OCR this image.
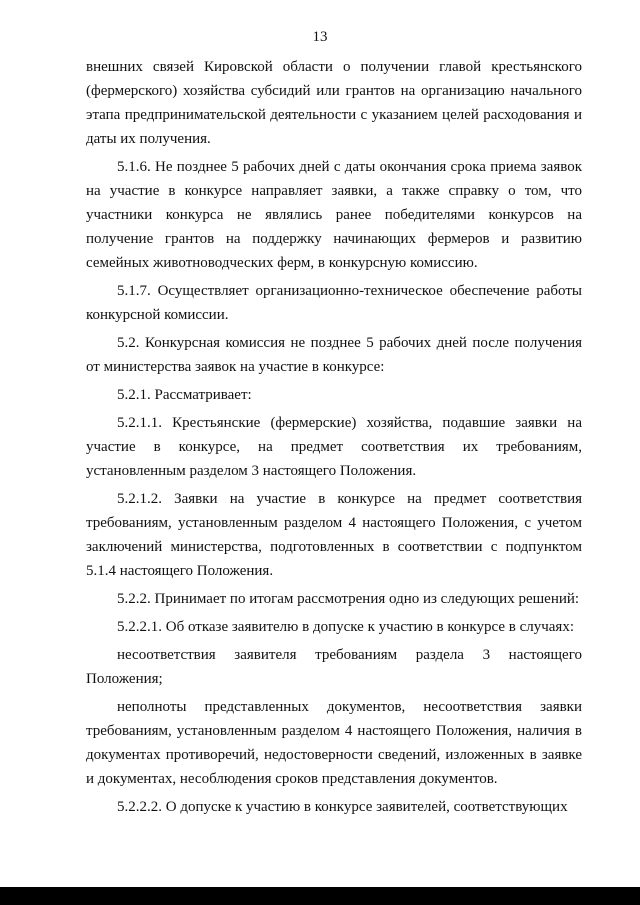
13

внешних связей Кировской области о получении главой крестьянского (фермерского) хозяйства субсидий или грантов на организацию начального этапа предпринимательской деятельности с указанием целей расходования и даты их получения.

5.1.6. Не позднее 5 рабочих дней с даты окончания срока приема заявок на участие в конкурсе направляет заявки, а также справку о том, что участники конкурса не являлись ранее победителями конкурсов на получение грантов на поддержку начинающих фермеров и развитию семейных животноводческих ферм, в конкурсную комиссию.

5.1.7. Осуществляет организационно-техническое обеспечение работы конкурсной комиссии.

5.2. Конкурсная комиссия не позднее 5 рабочих дней после получения от министерства заявок на участие в конкурсе:

5.2.1. Рассматривает:

5.2.1.1. Крестьянские (фермерские) хозяйства, подавшие заявки на участие в конкурсе, на предмет соответствия их требованиям, установленным разделом 3 настоящего Положения.

5.2.1.2. Заявки на участие в конкурсе на предмет соответствия требованиям, установленным разделом 4 настоящего Положения, с учетом заключений министерства, подготовленных в соответствии с подпунктом 5.1.4 настоящего Положения.

5.2.2. Принимает по итогам рассмотрения одно из следующих решений:

5.2.2.1. Об отказе заявителю в допуске к участию в конкурсе в случаях:

несоответствия заявителя требованиям раздела 3 настоящего Положения;

неполноты представленных документов, несоответствия заявки требованиям, установленным разделом 4 настоящего Положения, наличия в документах противоречий, недостоверности сведений, изложенных в заявке и документах, несоблюдения сроков представления документов.

5.2.2.2. О допуске к участию в конкурсе заявителей, соответствующих
